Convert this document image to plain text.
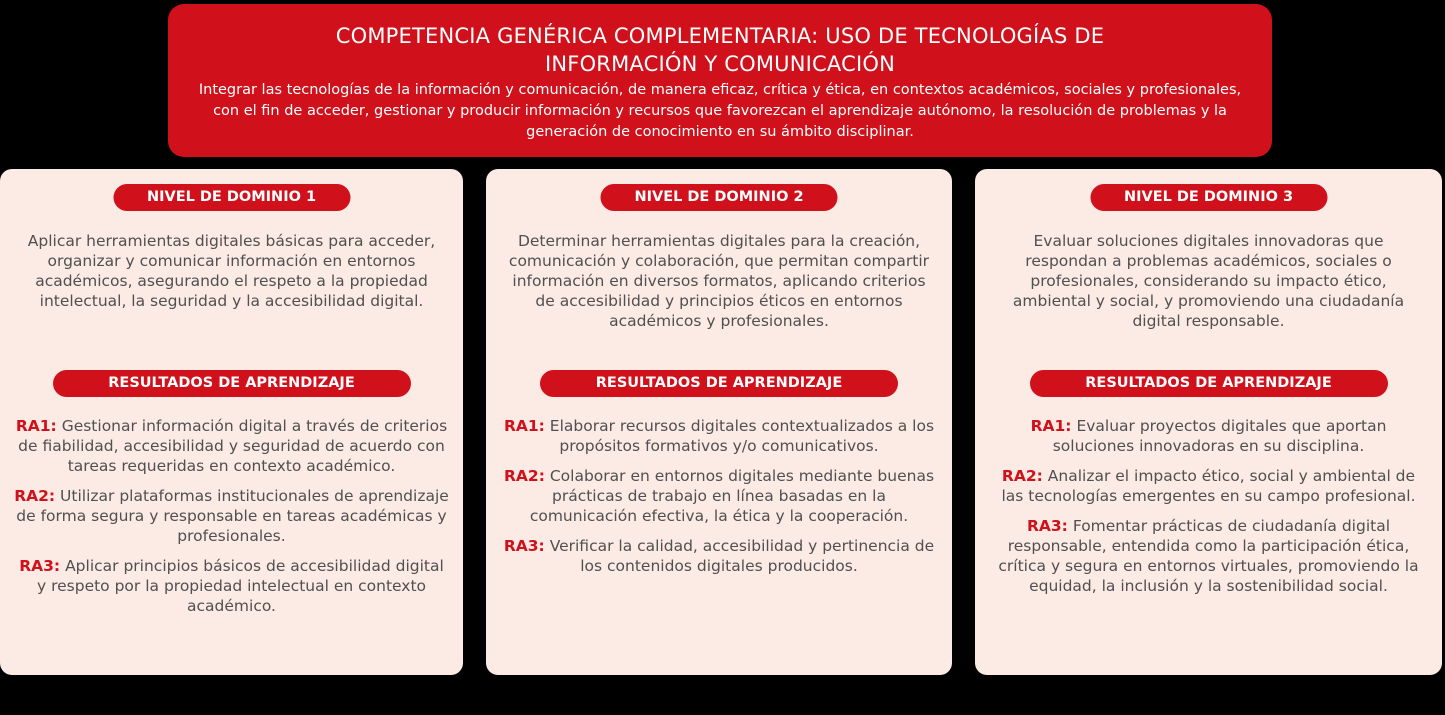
COMPETENCIA GENÉRICA COMPLEMENTARIA: USO DE TECNOLOGÍAS DE
INFORMACIÓN Y COMUNICACIÓN
Integrar las tecnologías de la información y comunicación, de manera eficaz, crítica y ética, en contextos académicos, sociales y profesionales, con el fin de acceder, gestionar y producir información y recursos que favorezcan el aprendizaje autónomo, la resolución de problemas y la generación de conocimiento en su ámbito disciplinar.
NIVEL DE DOMINIO 1
Aplicar herramientas digitales básicas para acceder, organizar y comunicar información en entornos académicos, asegurando el respeto a la propiedad intelectual, la seguridad y la accesibilidad digital.
RESULTADOS DE APRENDIZAJE

RA1: Gestionar información digital a través de criterios de fiabilidad, accesibilidad y seguridad de acuerdo con tareas requeridas en contexto académico.

RA2: Utilizar plataformas institucionales de aprendizaje de forma segura y responsable en tareas académicas y profesionales.

RA3: Aplicar principios básicos de accesibilidad digital y respeto por la propiedad intelectual en contexto académico.

NIVEL DE DOMINIO 2
Determinar herramientas digitales para la creación, comunicación y colaboración, que permitan compartir información en diversos formatos, aplicando criterios de accesibilidad y principios éticos en entornos académicos y profesionales.
RESULTADOS DE APRENDIZAJE

RA1: Elaborar recursos digitales contextualizados a los propósitos formativos y/o comunicativos.

RA2: Colaborar en entornos digitales mediante buenas prácticas de trabajo en línea basadas en la comunicación efectiva, la ética y la cooperación.

RA3: Verificar la calidad, accesibilidad y pertinencia de los contenidos digitales producidos.

NIVEL DE DOMINIO 3
Evaluar soluciones digitales innovadoras que respondan a problemas académicos, sociales o profesionales, considerando su impacto ético, ambiental y social, y promoviendo una ciudadanía digital responsable.
RESULTADOS DE APRENDIZAJE

RA1: Evaluar proyectos digitales que aportan soluciones innovadoras en su disciplina.

RA2: Analizar el impacto ético, social y ambiental de las tecnologías emergentes en su campo profesional.

RA3: Fomentar prácticas de ciudadanía digital responsable, entendida como la participación ética, crítica y segura en entornos virtuales, promoviendo la equidad, la inclusión y la sostenibilidad social.
